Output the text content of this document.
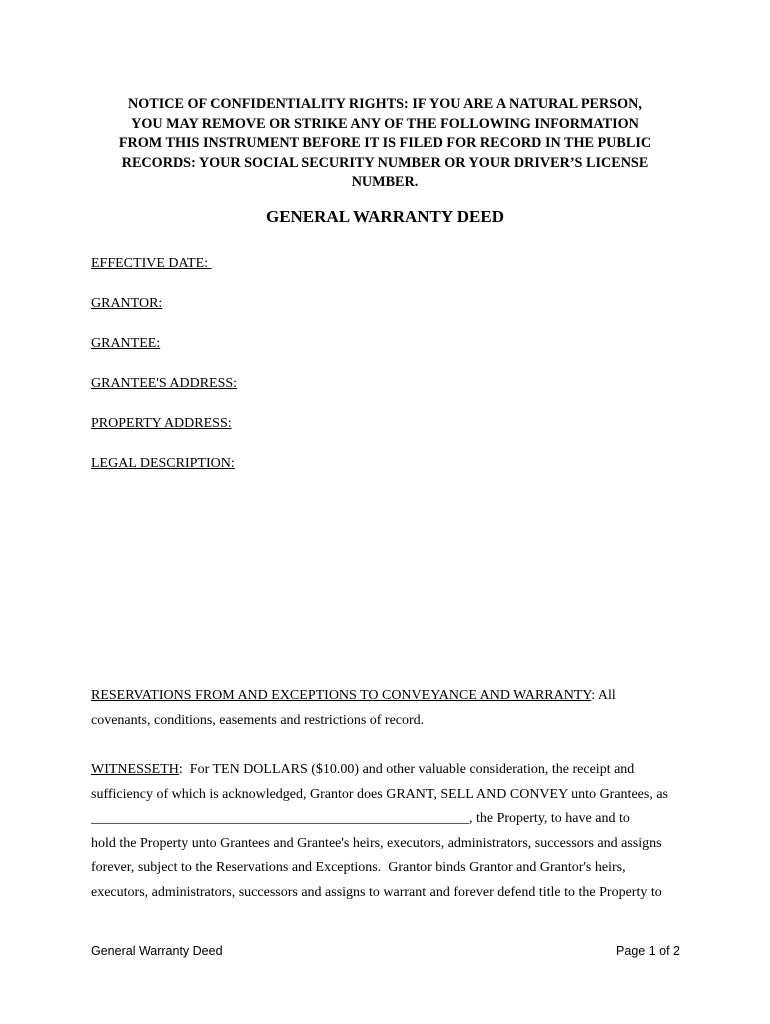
NOTICE OF CONFIDENTIALITY RIGHTS: IF YOU ARE A NATURAL PERSON,
YOU MAY REMOVE OR STRIKE ANY OF THE FOLLOWING INFORMATION
FROM THIS INSTRUMENT BEFORE IT IS FILED FOR RECORD IN THE PUBLIC
RECORDS: YOUR SOCIAL SECURITY NUMBER OR YOUR DRIVER’S LICENSE
NUMBER.
GENERAL WARRANTY DEED
EFFECTIVE DATE:
GRANTOR:
GRANTEE:
GRANTEE'S ADDRESS:
PROPERTY ADDRESS:
LEGAL DESCRIPTION:
RESERVATIONS FROM AND EXCEPTIONS TO CONVEYANCE AND WARRANTY: All
covenants, conditions, easements and restrictions of record.
WITNESSETH:  For TEN DOLLARS ($10.00) and other valuable consideration, the receipt and
sufficiency of which is acknowledged, Grantor does GRANT, SELL AND CONVEY unto Grantees, as
______________________________________________________, the Property, to have and to
hold the Property unto Grantees and Grantee's heirs, executors, administrators, successors and assigns
forever, subject to the Reservations and Exceptions.  Grantor binds Grantor and Grantor's heirs,
executors, administrators, successors and assigns to warrant and forever defend title to the Property to
General Warranty Deed	Page 1 of 2
